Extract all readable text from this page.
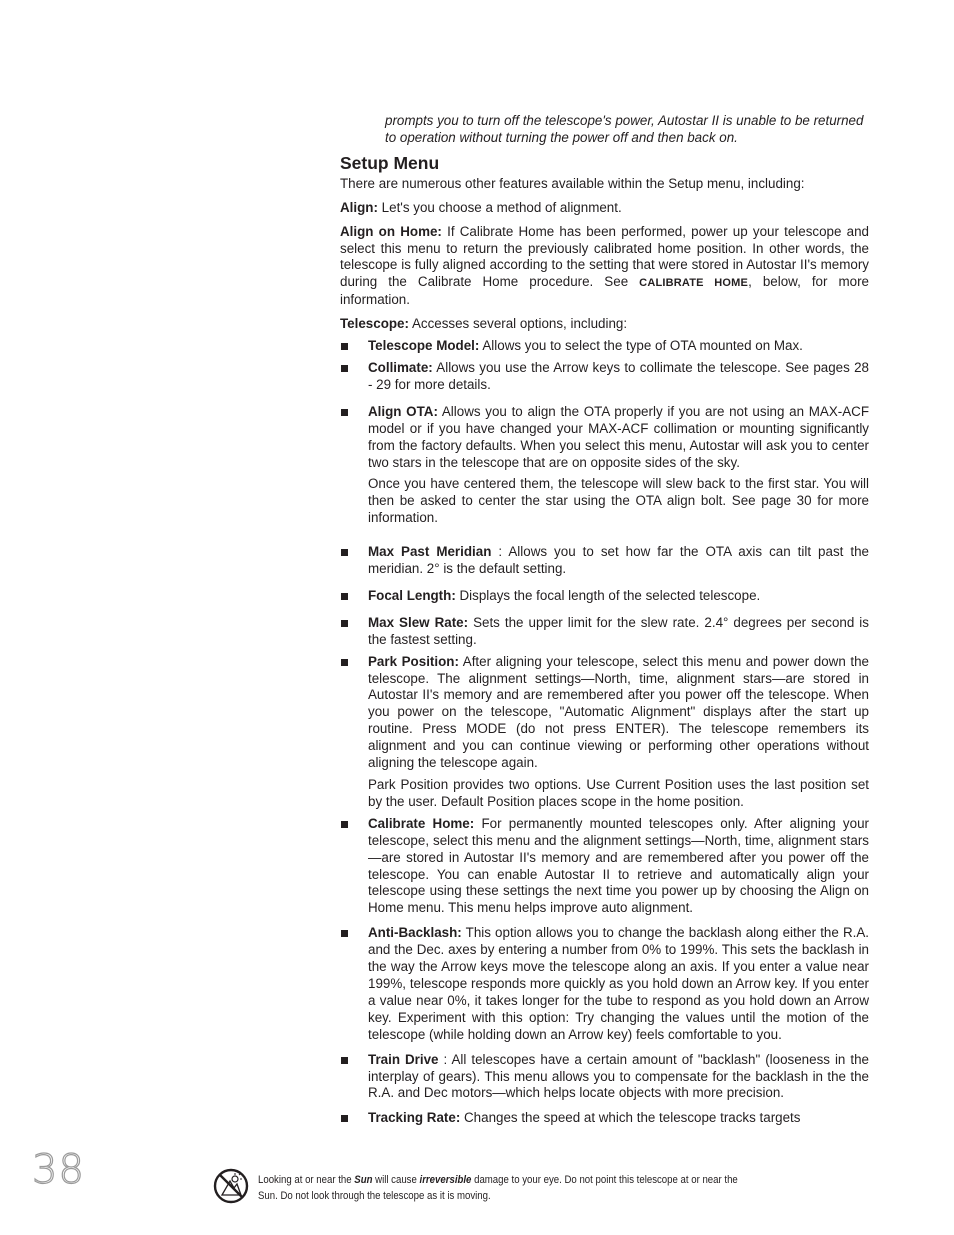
prompts you to turn off the telescope's power, Autostar II is unable to be returned to operation without turning the power off and then back on.

Setup Menu

There are numerous other features available within the Setup menu, including:

Align: Let's you choose a method of alignment.

Align on Home: If Calibrate Home has been performed, power up your telescope and select this menu to return the previously calibrated home position. In other words, the telescope is fully aligned according to the setting that were stored in Autostar II's memory during the Calibrate Home procedure. See CALIBRATE HOME, below, for more information.

Telescope: Accesses several options, including:

Telescope Model: Allows you to select the type of OTA mounted on Max.

Collimate: Allows you use the Arrow keys to collimate the telescope. See pages 28 - 29 for more details.

Align OTA: Allows you to align the OTA properly if you are not using an MAX-ACF model or if you have changed your MAX-ACF collimation or mounting significantly from the factory defaults. When you select this menu, Autostar will ask you to center two stars in the telescope that are on opposite sides of the sky.

Once you have centered them, the telescope will slew back to the first star. You will then be asked to center the star using the OTA align bolt. See page 30 for more information.

Max Past Meridian : Allows you to set how far the OTA axis can tilt past the meridian. 2° is the default setting.

Focal Length: Displays the focal length of the selected telescope.

Max Slew Rate: Sets the upper limit for the slew rate. 2.4° degrees per second is the fastest setting.

Park Position: After aligning your telescope, select this menu and power down the telescope. The alignment settings—North, time, alignment stars—are stored in Autostar II's memory and are remembered after you power off the telescope. When you power on the telescope, "Automatic Alignment" displays after the start up routine. Press MODE (do not press ENTER). The telescope remembers its alignment and you can continue viewing or performing other operations without aligning the telescope again.

Park Position provides two options. Use Current Position uses the last position set by the user. Default Position places scope in the home position.

Calibrate Home: For permanently mounted telescopes only. After aligning your telescope, select this menu and the alignment settings—North, time, alignment stars—are stored in Autostar II's memory and are remembered after you power off the telescope. You can enable Autostar II to retrieve and automatically align your telescope using these settings the next time you power up by choosing the Align on Home menu. This menu helps improve auto alignment.

Anti-Backlash: This option allows you to change the backlash along either the R.A. and the Dec. axes by entering a number from 0% to 199%. This sets the backlash in the way the Arrow keys move the telescope along an axis. If you enter a value near 199%, telescope responds more quickly as you hold down an Arrow key. If you enter a value near 0%, it takes longer for the tube to respond as you hold down an Arrow key. Experiment with this option: Try changing the values until the motion of the telescope (while holding down an Arrow key) feels comfortable to you.

Train Drive : All telescopes have a certain amount of "backlash" (looseness in the interplay of gears). This menu allows you to compensate for the backlash in the the R.A. and Dec motors—which helps locate objects with more precision.

Tracking Rate: Changes the speed at which the telescope tracks targets

38	Looking at or near the Sun will cause irreversible damage to your eye. Do not point this telescope at or near the
Sun. Do not look through the telescope as it is moving.
